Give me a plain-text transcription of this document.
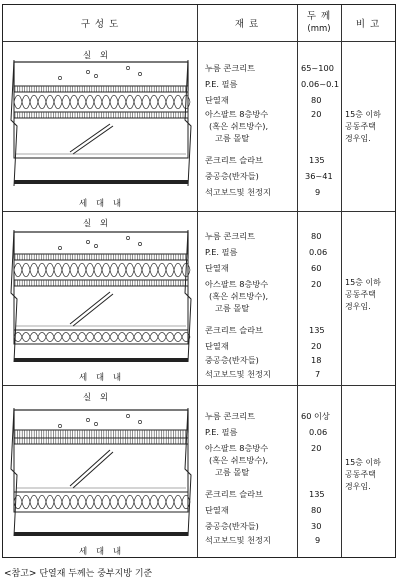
구 성 도	재 료
두 께
(mm)	비 고
실 외
세 대 내
실 외
세 대 내
실 외
세 대 내
누름 콘크리트
P.E. 필름
단열재
아스팔트 8층방수
(혹은 쉬트방수),
고름 몰탈
콘크리트 슬라브
중공층(반자들)
석고보드및 천정지
65~100
0.06~0.1
80
20
135
36~41
9
15층 이하
공동주택
경우임.
누름 콘크리트
P.E. 필름
단열재
아스팔트 8층방수
(혹은 쉬트방수),
고름 몰탈
콘크리트 슬라브
단열재
중공층(반자들)
석고보드및 천정지
80
0.06
60
20
135
20
18
7
15층 이하
공동주택
경우임.
누름 콘크리트
P.E. 필름
아스팔트 8층방수
(혹은 쉬트방수),
고름 몰탈
콘크리트 슬라브
단열재
중공층(반자들)
석고보드및 천정지
60 이상
0.06
20
135
80
30
9
15층 이하
공동주택
경우임.
<참고> 단열재 두께는 중부지방 기준
